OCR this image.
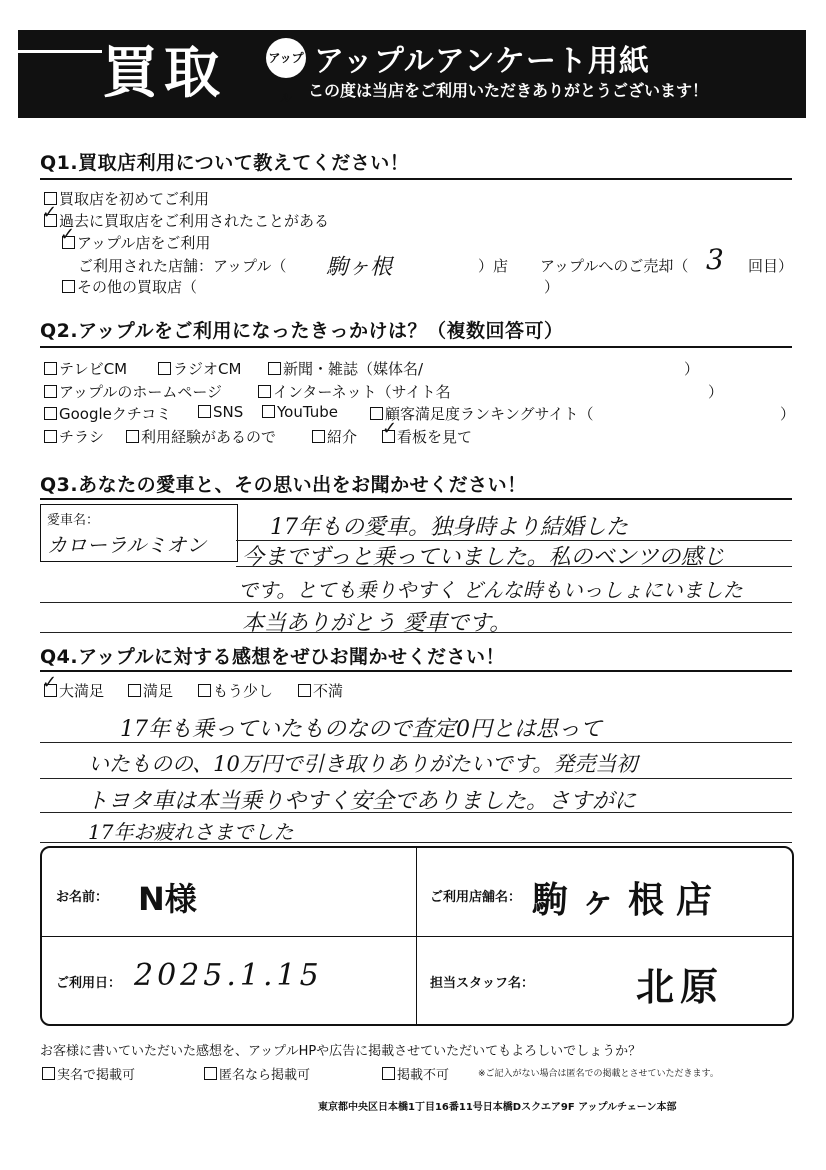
買取	アップル
アップルアンケート用紙
この度は当店をご利用いただきありがとうございます！
Q1.買取店利用について教えてください！
買取店を初めてご利用
過去に買取店をご利用されたことがある
✓
アップル店をご利用
✓
ご利用された店舗：アップル（ 駒ヶ根	）店 アップルへのご売却（ 3 回目）
その他の買取店（	）
Q2.アップルをご利用になったきっかけは？（複数回答可）
テレビCM	ラジオCM	新聞・雑誌（媒体名/	）
アップルのホームページ	インターネット（サイト名	）
Googleクチコミ	SNS	YouTube	顧客満足度ランキングサイト（	）
チラシ	利用経験があるので	紹介	看板を見て
✓
Q3.あなたの愛車と、その思い出をお聞かせください！
愛車名：
カローラルミオン
17年もの愛車。独身時より結婚した
今までずっと乗っていました。私のベンツの感じ
です。とても乗りやすく どんな時もいっしょにいました
本当ありがとう 愛車です。
Q4.アップルに対する感想をぜひお聞かせください！
大満足
✓	満足	もう少し	不満
17年も乗っていたものなので査定0円とは思って
いたものの、10万円で引き取りありがたいです。発売当初
トヨタ車は本当乗りやすく安全でありました。さすがに
17年お疲れさまでした
お名前： N様	ご利用店舗名： 駒ヶ根店
ご利用日： 2025.1.15	担当スタッフ名：	北原
お客様に書いていただいた感想を、アップルHPや広告に掲載させていただいてもよろしいでしょうか？
実名で掲載可	匿名なら掲載可	掲載不可	※ご記入がない場合は匿名での掲載とさせていただきます。
東京都中央区日本橋1丁目16番11号日本橋Dスクエア9F アップルチェーン本部
